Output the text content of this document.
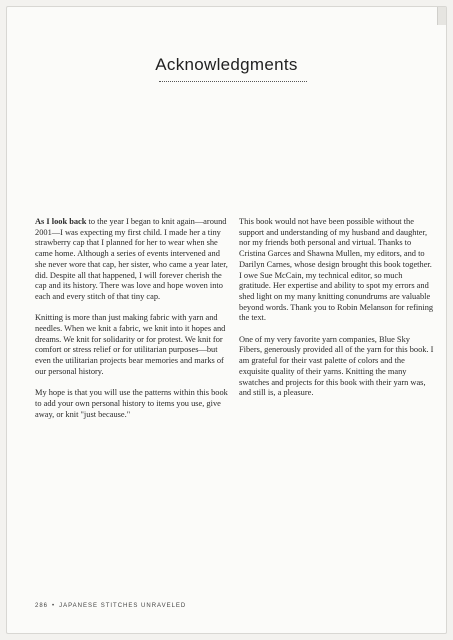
Acknowledgments

As I look back to the year I began to knit again—around 2001—I was expecting my first child. I made her a tiny strawberry cap that I planned for her to wear when she came home. Although a series of events intervened and she never wore that cap, her sister, who came a year later, did. Despite all that happened, I will forever cherish the cap and its history. There was love and hope woven into each and every stitch of that tiny cap.

Knitting is more than just making fabric with yarn and needles. When we knit a fabric, we knit into it hopes and dreams. We knit for solidarity or for protest. We knit for comfort or stress relief or for utilitarian purposes—but even the utilitarian projects bear memories and marks of our personal history.

My hope is that you will use the patterns within this book to add your own personal history to items you use, give away, or knit "just because."

This book would not have been possible without the support and understanding of my husband and daughter, nor my friends both personal and virtual. Thanks to Cristina Garces and Shawna Mullen, my editors, and to Darilyn Carnes, whose design brought this book together. I owe Sue McCain, my technical editor, so much gratitude. Her expertise and ability to spot my errors and shed light on my many knitting conundrums are valuable beyond words. Thank you to Robin Melanson for refining the text.

One of my very favorite yarn companies, Blue Sky Fibers, generously provided all of the yarn for this book. I am grateful for their vast palette of colors and the exquisite quality of their yarns. Knitting the many swatches and projects for this book with their yarn was, and still is, a pleasure.

286 • JAPANESE STITCHES UNRAVELED
